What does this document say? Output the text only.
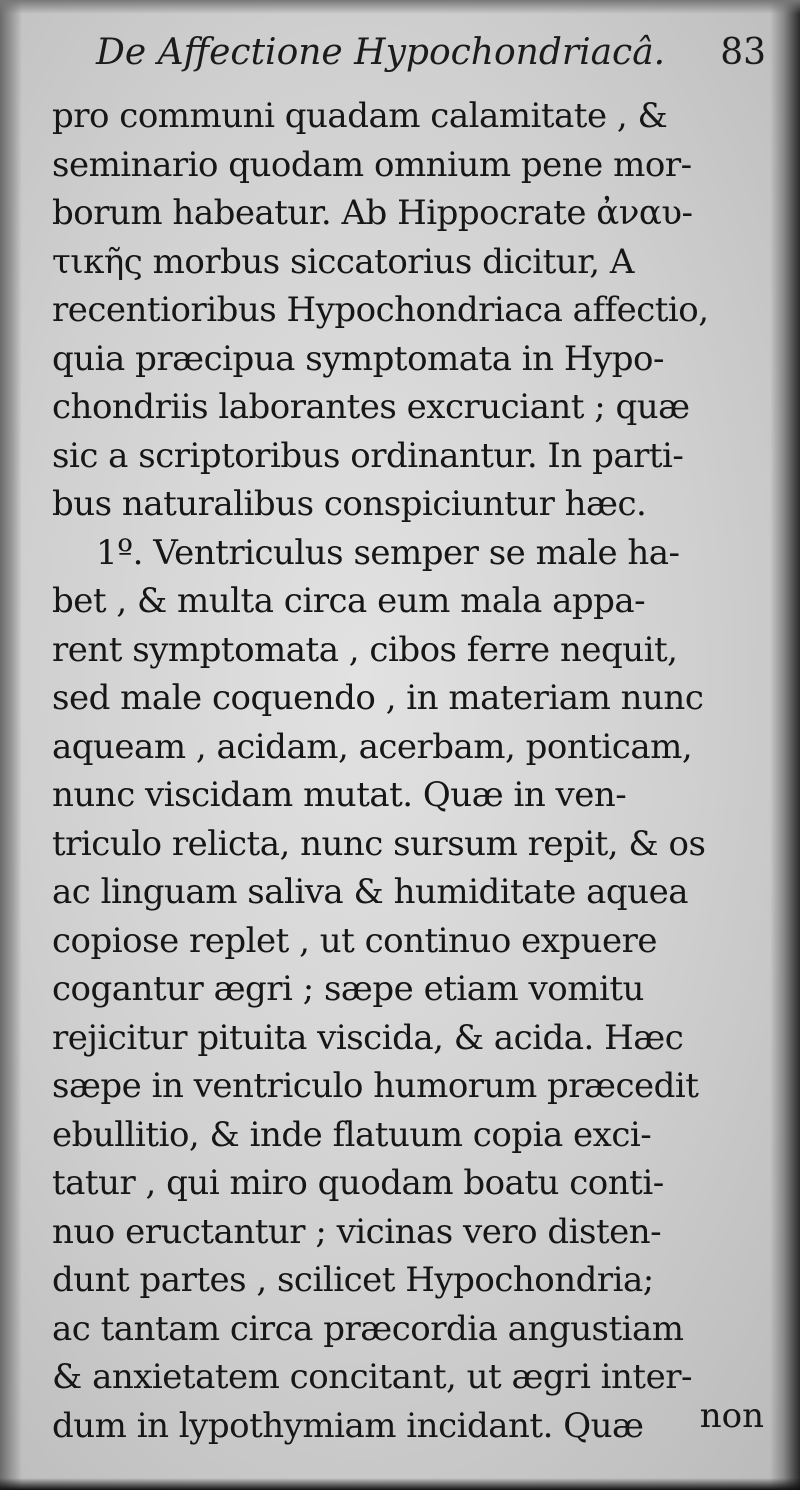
De Affectione Hypochondriacâ. 83
pro communi quadam calamitate , &
seminario quodam omnium pene mor-
borum habeatur. Ab Hippocrate ἀναυ-
τικῆς morbus siccatorius dicitur, A
recentioribus Hypochondriaca affectio,
quia præcipua symptomata in Hypo-
chondriis laborantes excruciant ; quæ
sic a scriptoribus ordinantur. In parti-
bus naturalibus conspiciuntur hæc.
1º. Ventriculus semper se male ha-
bet , & multa circa eum mala appa-
rent symptomata , cibos ferre nequit,
sed male coquendo , in materiam nunc
aqueam , acidam, acerbam, ponticam,
nunc viscidam mutat. Quæ in ven-
triculo relicta, nunc sursum repit, & os
ac linguam saliva & humiditate aquea
copiose replet , ut continuo expuere
cogantur ægri ; sæpe etiam vomitu
rejicitur pituita viscida, & acida. Hæc
sæpe in ventriculo humorum præcedit
ebullitio, & inde flatuum copia exci-
tatur , qui miro quodam boatu conti-
nuo eructantur ; vicinas vero disten-
dunt partes , scilicet Hypochondria;
ac tantam circa præcordia angustiam
& anxietatem concitant, ut ægri inter-
dum in lypothymiam incidant. Quæ	non
